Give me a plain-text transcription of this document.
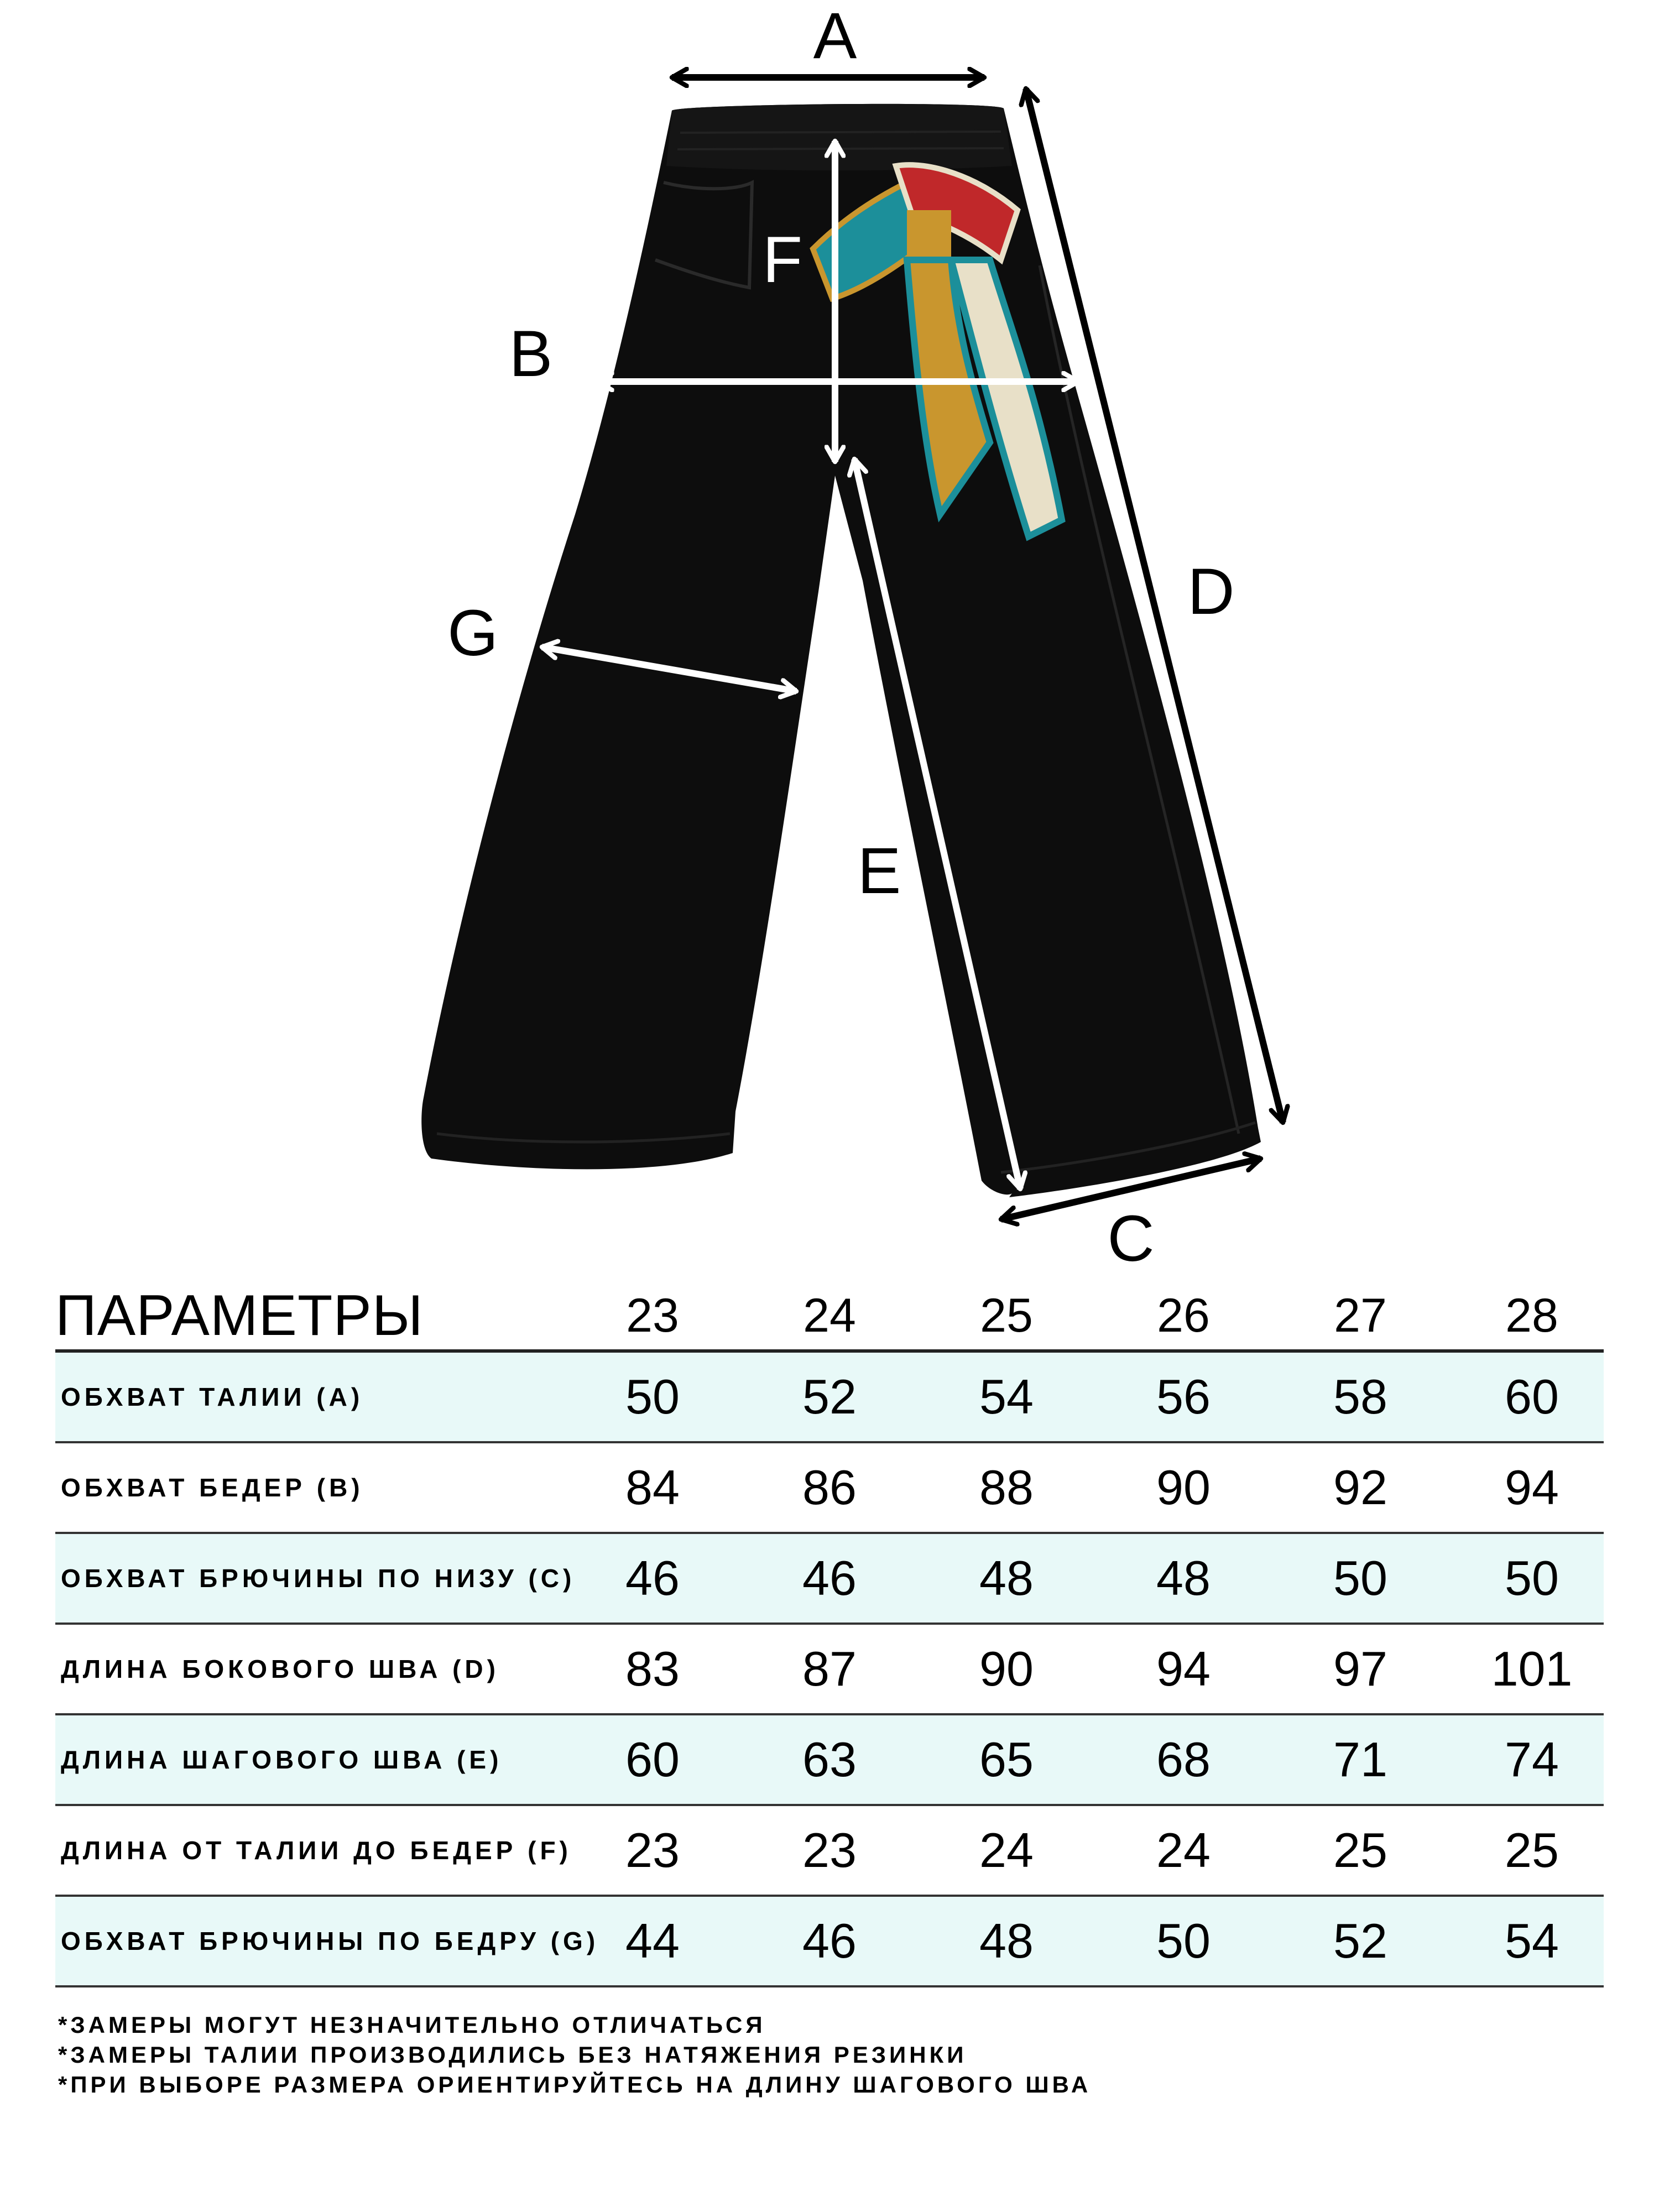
A
B
F
G
D
E
C
ПАРАМЕТРЫ	23	24	25	26	27	28
ОБХВАТ ТАЛИИ (А)	50	52	54	56	58	60
ОБХВАТ БЕДЕР (В)	84	86	88	90	92	94
ОБХВАТ БРЮЧИНЫ ПО НИЗУ (С)	46	46	48	48	50	50
ДЛИНА БОКОВОГО ШВА (D)	83	87	90	94	97	101
ДЛИНА ШАГОВОГО ШВА (Е)	60	63	65	68	71	74
ДЛИНА ОТ ТАЛИИ ДО БЕДЕР (F)	23	23	24	24	25	25
ОБХВАТ БРЮЧИНЫ ПО БЕДРУ (G) 44	46	48	50	52	54
*ЗАМЕРЫ МОГУТ НЕЗНАЧИТЕЛЬНО ОТЛИЧАТЬСЯ
*ЗАМЕРЫ ТАЛИИ ПРОИЗВОДИЛИСЬ БЕЗ НАТЯЖЕНИЯ РЕЗИНКИ
*ПРИ ВЫБОРЕ РАЗМЕРА ОРИЕНТИРУЙТЕСЬ НА ДЛИНУ ШАГОВОГО ШВА
